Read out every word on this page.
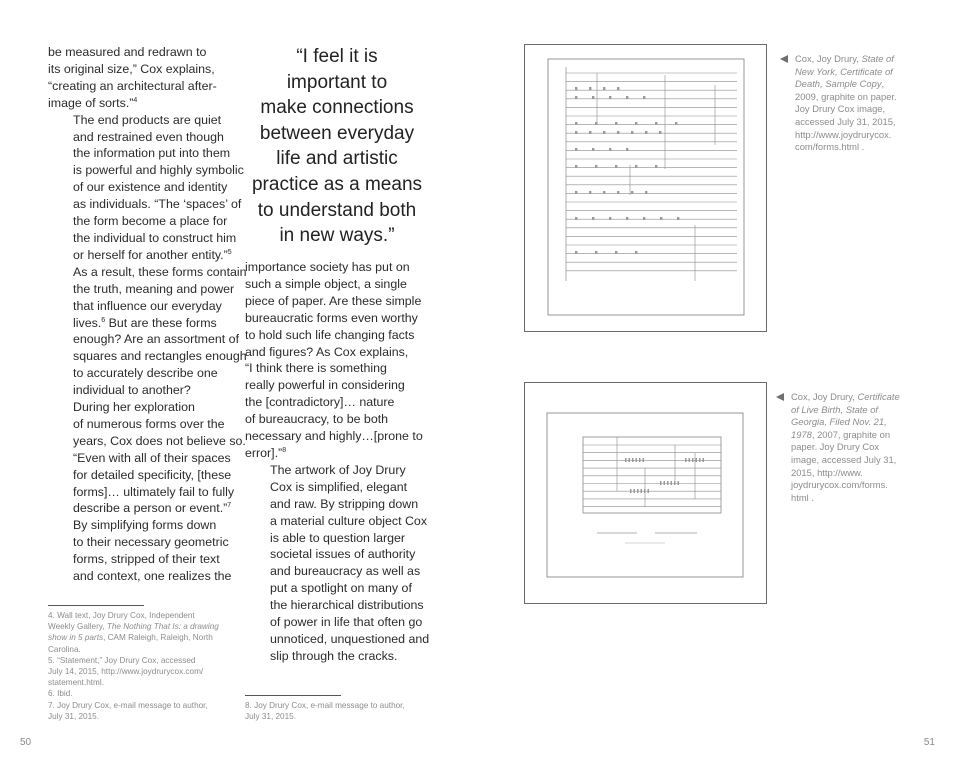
be measured and redrawn to
its original size,” Cox explains,
“creating an architectural after-
image of sorts.”$^4$

The end products are quiet
and restrained even though
the information put into them
is powerful and highly symbolic
of our existence and identity
as individuals. “The ‘spaces’ of
the form become a place for
the individual to construct him
or herself for another entity.”$^5$
As a result, these forms contain
the truth, meaning and power
that influence our everyday
lives.$^6$ But are these forms
enough? Are an assortment of
squares and rectangles enough
to accurately describe one
individual to another?

During her exploration
of numerous forms over the
years, Cox does not believe so.
“Even with all of their spaces
for detailed specificity, [these
forms]… ultimately fail to fully
describe a person or event.”$^7$
By simplifying forms down
to their necessary geometric
forms, stripped of their text
and context, one realizes the

“I feel it is
important to
make connections
between everyday
life and artistic
practice as a means
to understand both
in new ways.”

importance society has put on
such a simple object, a single
piece of paper. Are these simple
bureaucratic forms even worthy
to hold such life changing facts
and figures? As Cox explains,
“I think there is something
really powerful in considering
the [contradictory]… nature
of bureaucracy, to be both
necessary and highly…[prone to
error].”$^8$

The artwork of Joy Drury
Cox is simplified, elegant
and raw. By stripping down
a material culture object Cox
is able to question larger
societal issues of authority
and bureaucracy as well as
put a spotlight on many of
the hierarchical distributions
of power in life that often go
unnoticed, unquestioned and
slip through the cracks.

4. Wall text, Joy Drury Cox, Independent
Weekly Gallery, The Nothing That Is: a drawing
show in 5 parts, CAM Raleigh, Raleigh, North
Carolina.

5. “Statement,” Joy Drury Cox, accessed
July 14, 2015, http://www.joydrurycox.com/
statement.html.

6. Ibid.

7. Joy Drury Cox, e-mail message to author,
July 31, 2015.

8. Joy Drury Cox, e-mail message to author,
July 31, 2015.

50
Cox, Joy Drury, State of
New York, Certificate of
Death, Sample Copy,
2009, graphite on paper.
Joy Drury Cox image,
accessed July 31, 2015,
http://www.joydrurycox.
com/forms.html .
Cox, Joy Drury, Certificate
of Live Birth, State of
Georgia, Filed Nov. 21,
1978, 2007, graphite on
paper. Joy Drury Cox
image, accessed July 31,
2015, http://www.
joydrurycox.com/forms.
html .
51
